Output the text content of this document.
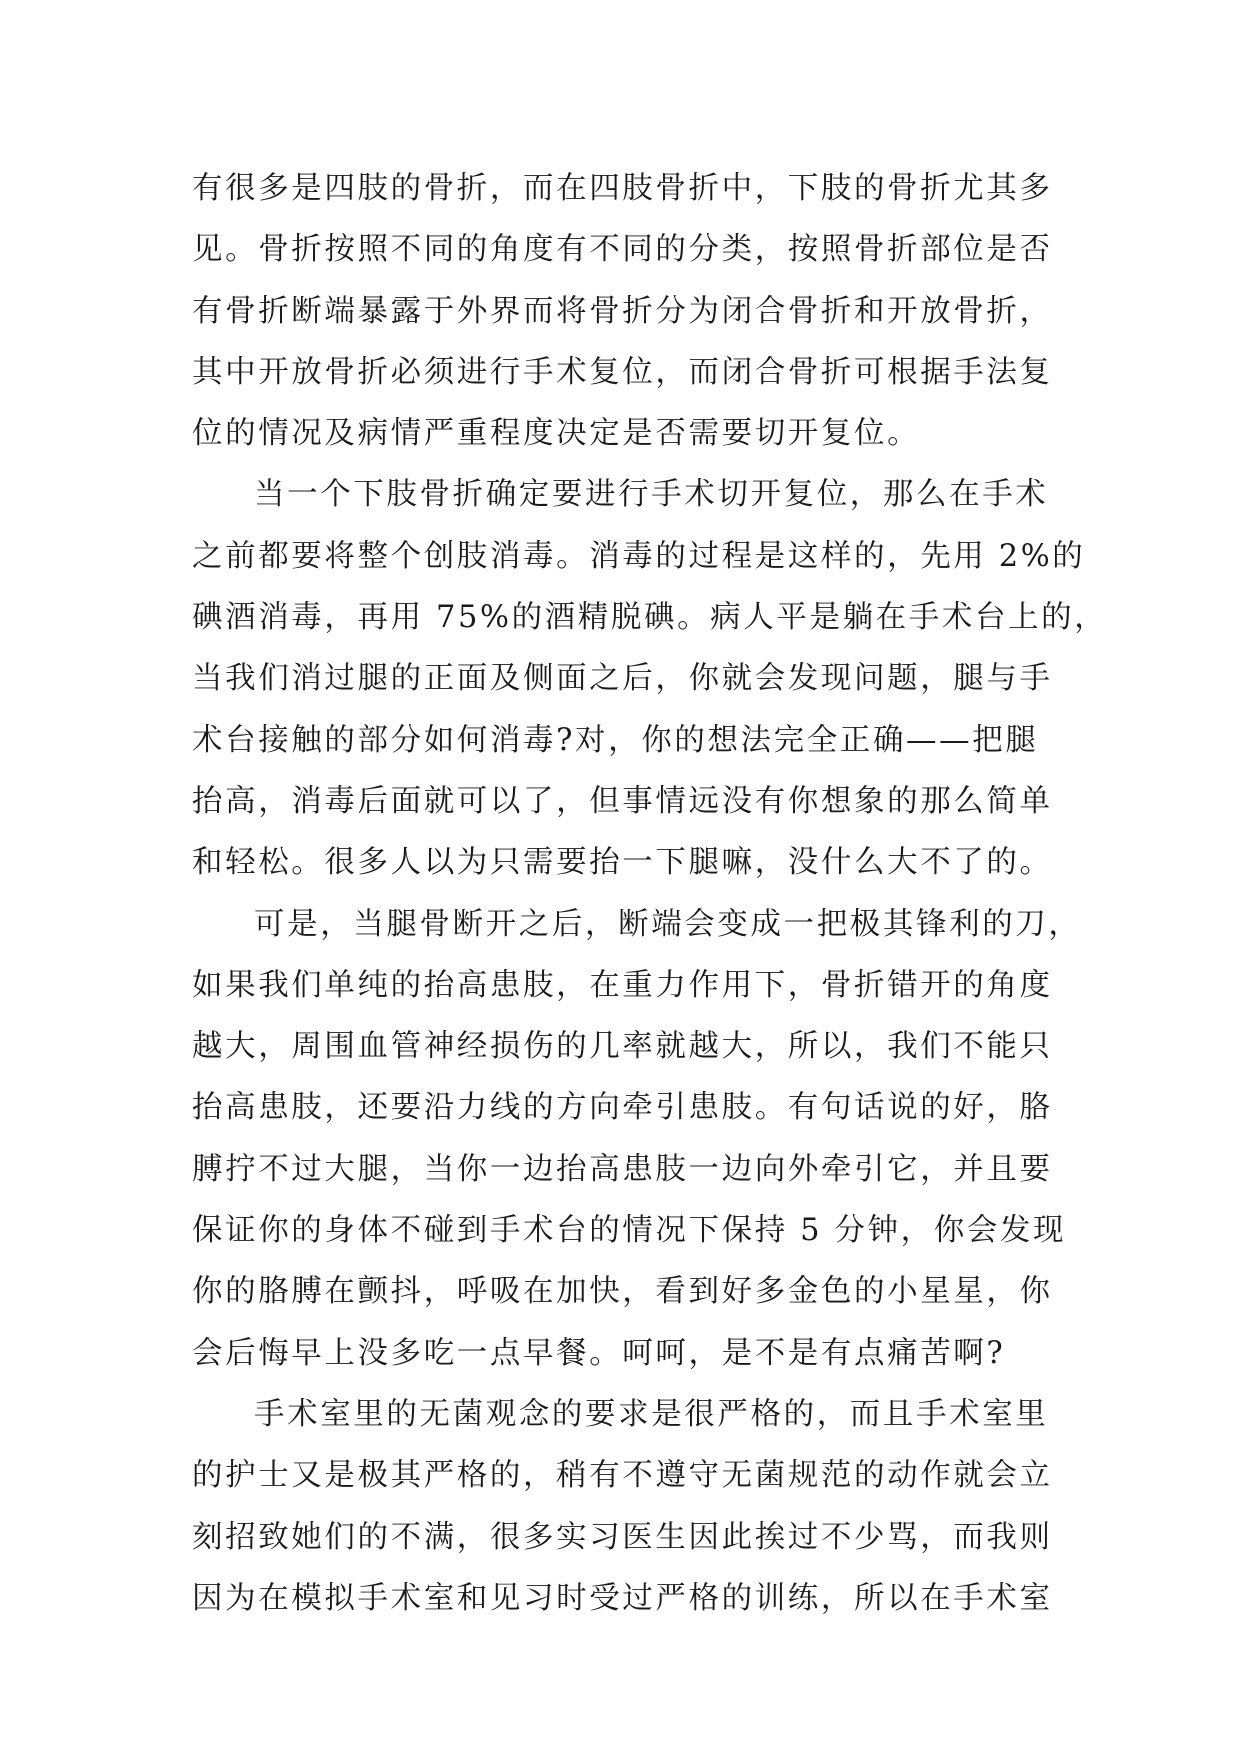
有很多是四肢的骨折，而在四肢骨折中，下肢的骨折尤其多
见。骨折按照不同的角度有不同的分类，按照骨折部位是否
有骨折断端暴露于外界而将骨折分为闭合骨折和开放骨折，
其中开放骨折必须进行手术复位，而闭合骨折可根据手法复
位的情况及病情严重程度决定是否需要切开复位。
当一个下肢骨折确定要进行手术切开复位，那么在手术
之前都要将整个创肢消毒。消毒的过程是这样的，先用 2%的
碘酒消毒，再用 75%的酒精脱碘。病人平是躺在手术台上的，
当我们消过腿的正面及侧面之后，你就会发现问题，腿与手
术台接触的部分如何消毒?对，你的想法完全正确——把腿
抬高，消毒后面就可以了，但事情远没有你想象的那么简单
和轻松。很多人以为只需要抬一下腿嘛，没什么大不了的。
可是，当腿骨断开之后，断端会变成一把极其锋利的刀，
如果我们单纯的抬高患肢，在重力作用下，骨折错开的角度
越大，周围血管神经损伤的几率就越大，所以，我们不能只
抬高患肢，还要沿力线的方向牵引患肢。有句话说的好，胳
膊拧不过大腿，当你一边抬高患肢一边向外牵引它，并且要
保证你的身体不碰到手术台的情况下保持 5 分钟，你会发现
你的胳膊在颤抖，呼吸在加快，看到好多金色的小星星，你
会后悔早上没多吃一点早餐。呵呵，是不是有点痛苦啊?
手术室里的无菌观念的要求是很严格的，而且手术室里
的护士又是极其严格的，稍有不遵守无菌规范的动作就会立
刻招致她们的不满，很多实习医生因此挨过不少骂，而我则
因为在模拟手术室和见习时受过严格的训练，所以在手术室
